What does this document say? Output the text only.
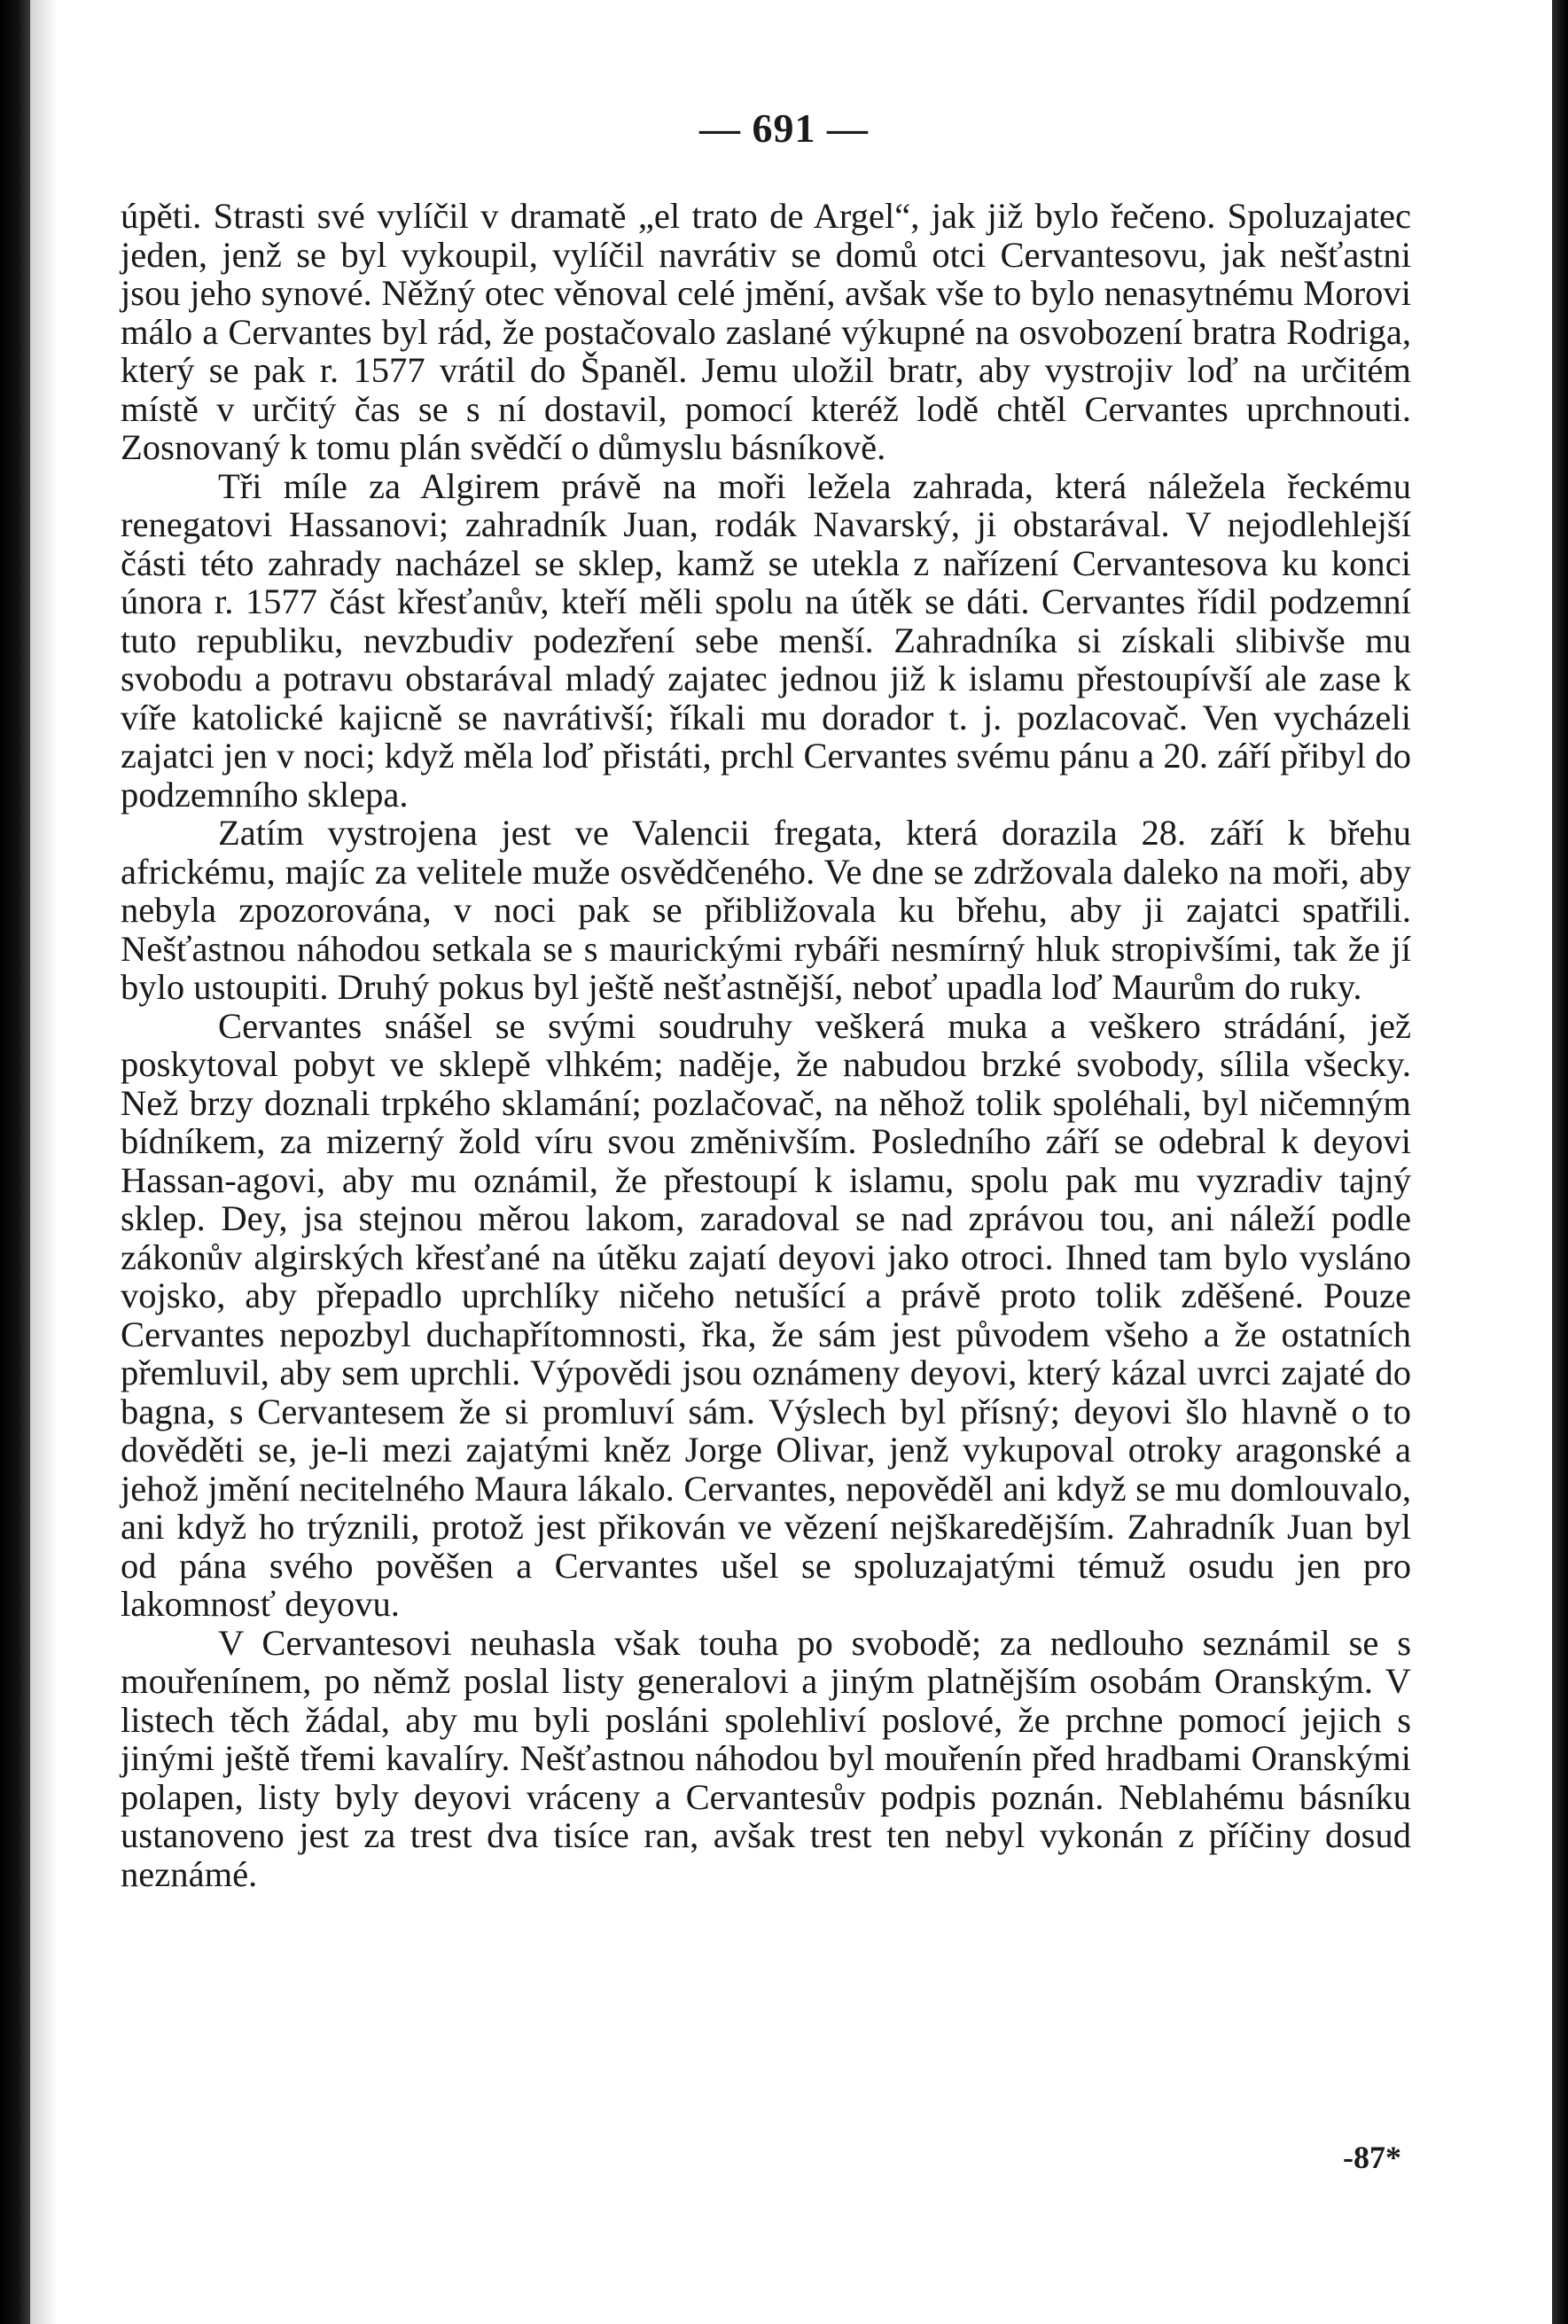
— 691 —

úpěti. Strasti své vylíčil v dramatě „el trato de Argel“, jak již bylo řečeno. Spoluzajatec jeden, jenž se byl vykoupil, vylíčil navrátiv se domů otci Cervantesovu, jak nešťastni jsou jeho synové. Něžný otec věnoval celé jmění, avšak vše to bylo nenasytnému Morovi málo a Cervantes byl rád, že postačovalo zaslané výkupné na osvobození bratra Rodriga, který se pak r. 1577 vrátil do Španěl. Jemu uložil bratr, aby vystrojiv loď na určitém místě v určitý čas se s ní dostavil, pomocí kteréž lodě chtěl Cervantes uprchnouti. Zosnovaný k tomu plán svědčí o důmyslu básníkově.

Tři míle za Algirem právě na moři ležela zahrada, která náležela řeckému renegatovi Hassanovi; zahradník Juan, rodák Navarský, ji obstarával. V nejodlehlejší části této zahrady nacházel se sklep, kamž se utekla z nařízení Cervantesova ku konci února r. 1577 část křesťanův, kteří měli spolu na útěk se dáti. Cervantes řídil podzemní tuto republiku, nevzbudiv podezření sebe menší. Zahradníka si získali slibivše mu svobodu a potravu obstarával mladý zajatec jednou již k islamu přestoupívší ale zase k víře katolické kajicně se navrátivší; říkali mu dorador t. j. pozlacovač. Ven vycházeli zajatci jen v noci; když měla loď přistáti, prchl Cervantes svému pánu a 20. září přibyl do podzemního sklepa.

Zatím vystrojena jest ve Valencii fregata, která dorazila 28. září k břehu africkému, majíc za velitele muže osvědčeného. Ve dne se zdržovala daleko na moři, aby nebyla zpozorována, v noci pak se přibližovala ku břehu, aby ji zajatci spatřili. Nešťastnou náhodou setkala se s maurickými rybáři nesmírný hluk stropivšími, tak že jí bylo ustoupiti. Druhý pokus byl ještě nešťastnější, neboť upadla loď Maurům do ruky.

Cervantes snášel se svými soudruhy veškerá muka a veškero strádání, jež poskytoval pobyt ve sklepě vlhkém; naděje, že nabudou brzké svobody, sílila všecky. Než brzy doznali trpkého sklamání; pozlačovač, na něhož tolik spoléhali, byl ničemným bídníkem, za mizerný žold víru svou změnivším. Posledního září se odebral k deyovi Hassan-agovi, aby mu oznámil, že přestoupí k islamu, spolu pak mu vyzradiv tajný sklep. Dey, jsa stejnou měrou lakom, zaradoval se nad zprávou tou, ani náleží podle zákonův algirských křesťané na útěku zajatí deyovi jako otroci. Ihned tam bylo vysláno vojsko, aby přepadlo uprchlíky ničeho netušící a právě proto tolik zděšené. Pouze Cervantes nepozbyl duchapřítomnosti, řka, že sám jest původem všeho a že ostatních přemluvil, aby sem uprchli. Výpovědi jsou oznámeny deyovi, který kázal uvrci zajaté do bagna, s Cervantesem že si promluví sám. Výslech byl přísný; deyovi šlo hlavně o to dověděti se, je-li mezi zajatými kněz Jorge Olivar, jenž vykupoval otroky aragonské a jehož jmění necitelného Maura lákalo. Cervantes, nepověděl ani když se mu domlouvalo, ani když ho trýznili, protož jest přikován ve vězení nejškaredějším. Zahradník Juan byl od pána svého pověšen a Cervantes ušel se spoluzajatými témuž osudu jen pro lakomnosť deyovu.

V Cervantesovi neuhasla však touha po svobodě; za nedlouho seznámil se s mouřenínem, po němž poslal listy generalovi a jiným platnějším osobám Oranským. V listech těch žádal, aby mu byli posláni spolehliví poslové, že prchne pomocí jejich s jinými ještě třemi kavalíry. Nešťastnou náhodou byl mouřenín před hradbami Oranskými polapen, listy byly deyovi vráceny a Cervantesův podpis poznán. Neblahému básníku ustanoveno jest za trest dva tisíce ran, avšak trest ten nebyl vykonán z příčiny dosud neznámé.

-87*
